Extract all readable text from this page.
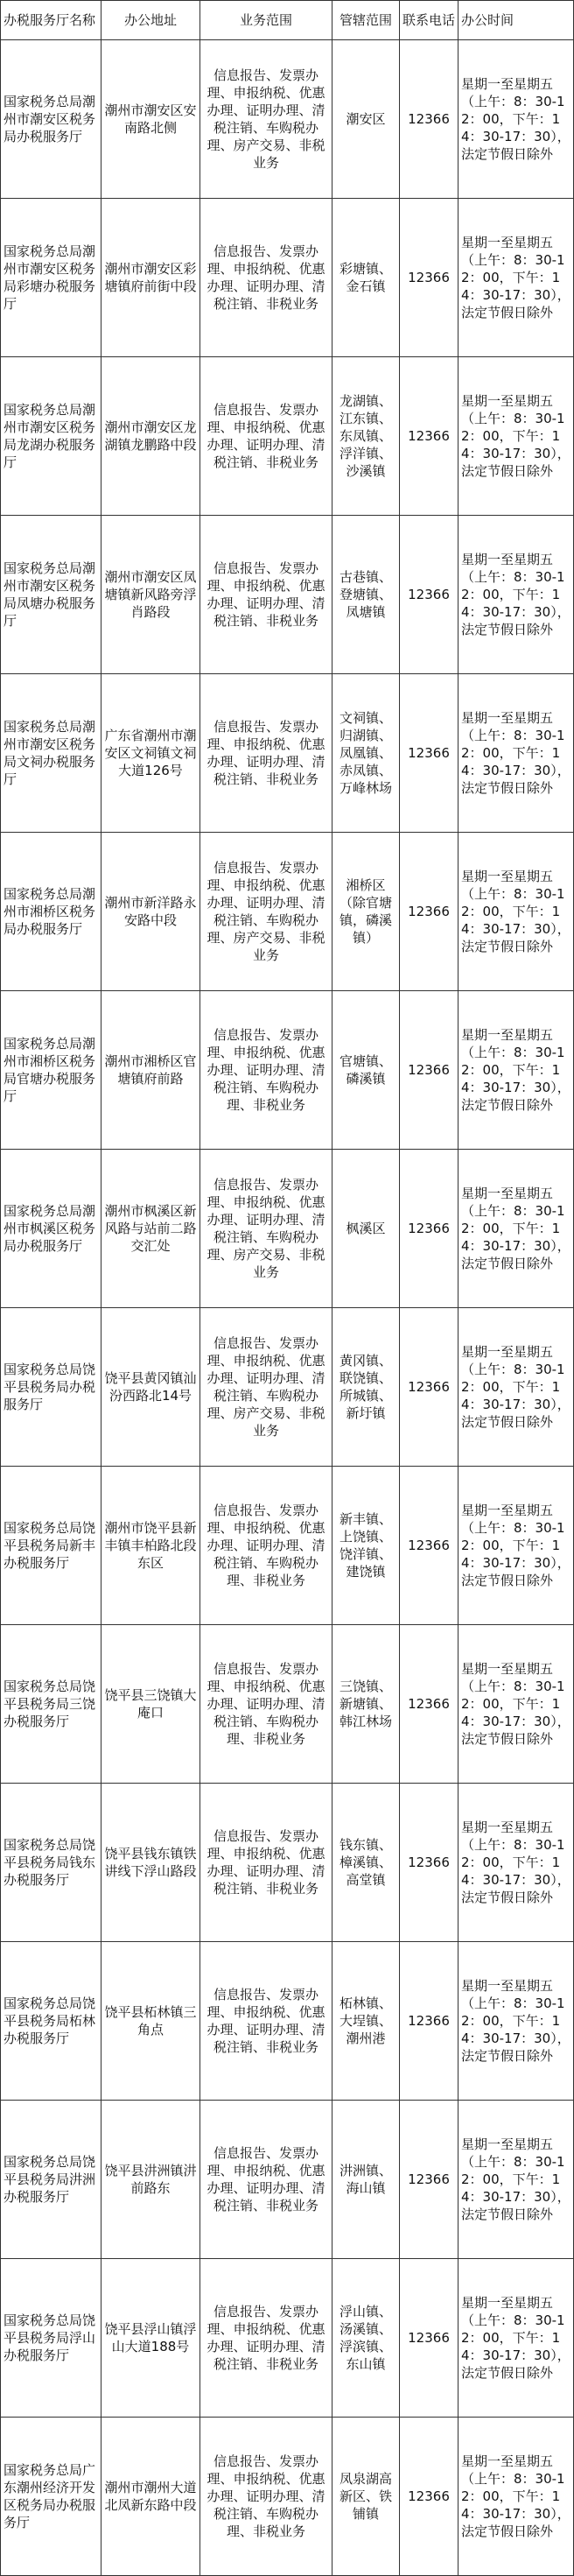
办税服务厅名称	办公地址	业务范围	管辖范围	联系电话	办公时间
国家税务总局潮州市潮安区税务局办税服务厅	潮州市潮安区安南路北侧	信息报告、发票办理、申报纳税、优惠办理、证明办理、清税注销、车购税办理、房产交易、非税业务	潮安区	12366	星期一至星期五（上午：8：30-12：00，下午：14：30-17：30），法定节假日除外
国家税务总局潮州市潮安区税务局彩塘办税服务厅	潮州市潮安区彩塘镇府前街中段	信息报告、发票办理、申报纳税、优惠办理、证明办理、清税注销、非税业务	彩塘镇、金石镇	12366	星期一至星期五（上午：8：30-12：00，下午：14：30-17：30），法定节假日除外
国家税务总局潮州市潮安区税务局龙湖办税服务厅	潮州市潮安区龙湖镇龙鹏路中段	信息报告、发票办理、申报纳税、优惠办理、证明办理、清税注销、非税业务	龙湖镇、江东镇、东凤镇、浮洋镇、沙溪镇	12366	星期一至星期五（上午：8：30-12：00，下午：14：30-17：30），法定节假日除外
国家税务总局潮州市潮安区税务局凤塘办税服务厅	潮州市潮安区凤塘镇新风路旁浮肖路段	信息报告、发票办理、申报纳税、优惠办理、证明办理、清税注销、非税业务	古巷镇、登塘镇、凤塘镇	12366	星期一至星期五（上午：8：30-12：00，下午：14：30-17：30），法定节假日除外
国家税务总局潮州市潮安区税务局文祠办税服务厅	广东省潮州市潮安区文祠镇文祠大道126号	信息报告、发票办理、申报纳税、优惠办理、证明办理、清税注销、非税业务	文祠镇、归湖镇、凤凰镇、赤凤镇、万峰林场	12366	星期一至星期五（上午：8：30-12：00，下午：14：30-17：30），法定节假日除外
国家税务总局潮州市湘桥区税务局办税服务厅	潮州市新洋路永安路中段	信息报告、发票办理、申报纳税、优惠办理、证明办理、清税注销、车购税办理、房产交易、非税业务	湘桥区（除官塘镇，磷溪镇）	12366	星期一至星期五（上午：8：30-12：00，下午：14：30-17：30），法定节假日除外
国家税务总局潮州市湘桥区税务局官塘办税服务厅	潮州市湘桥区官塘镇府前路	信息报告、发票办理、申报纳税、优惠办理、证明办理、清税注销、车购税办理、非税业务	官塘镇、磷溪镇	12366	星期一至星期五（上午：8：30-12：00，下午：14：30-17：30），法定节假日除外
国家税务总局潮州市枫溪区税务局办税服务厅	潮州市枫溪区新风路与站前二路交汇处	信息报告、发票办理、申报纳税、优惠办理、证明办理、清税注销、车购税办理、房产交易、非税业务	枫溪区	12366	星期一至星期五（上午：8：30-12：00，下午：14：30-17：30），法定节假日除外
国家税务总局饶平县税务局办税服务厅	饶平县黄冈镇汕汾西路北14号	信息报告、发票办理、申报纳税、优惠办理、证明办理、清税注销、车购税办理、房产交易、非税业务	黄冈镇、联饶镇、所城镇、新圩镇	12366	星期一至星期五（上午：8：30-12：00，下午：14：30-17：30），法定节假日除外
国家税务总局饶平县税务局新丰办税服务厅	潮州市饶平县新丰镇丰柏路北段东区	信息报告、发票办理、申报纳税、优惠办理、证明办理、清税注销、车购税办理、非税业务	新丰镇、上饶镇、饶洋镇、建饶镇	12366	星期一至星期五（上午：8：30-12：00，下午：14：30-17：30），法定节假日除外
国家税务总局饶平县税务局三饶办税服务厅	饶平县三饶镇大庵口	信息报告、发票办理、申报纳税、优惠办理、证明办理、清税注销、车购税办理、非税业务	三饶镇、新塘镇、韩江林场	12366	星期一至星期五（上午：8：30-12：00，下午：14：30-17：30），法定节假日除外
国家税务总局饶平县税务局钱东办税服务厅	饶平县钱东镇铁讲线下浮山路段	信息报告、发票办理、申报纳税、优惠办理、证明办理、清税注销、非税业务	钱东镇、樟溪镇、高堂镇	12366	星期一至星期五（上午：8：30-12：00，下午：14：30-17：30），法定节假日除外
国家税务总局饶平县税务局柘林办税服务厅	饶平县柘林镇三角点	信息报告、发票办理、申报纳税、优惠办理、证明办理、清税注销、非税业务	柘林镇、大埕镇、潮州港	12366	星期一至星期五（上午：8：30-12：00，下午：14：30-17：30），法定节假日除外
国家税务总局饶平县税务局汫洲办税服务厅	饶平县汫洲镇汫前路东	信息报告、发票办理、申报纳税、优惠办理、证明办理、清税注销、非税业务	汫洲镇、海山镇	12366	星期一至星期五（上午：8：30-12：00，下午：14：30-17：30），法定节假日除外
国家税务总局饶平县税务局浮山办税服务厅	饶平县浮山镇浮山大道188号	信息报告、发票办理、申报纳税、优惠办理、证明办理、清税注销、非税业务	浮山镇、汤溪镇、浮滨镇、东山镇	12366	星期一至星期五（上午：8：30-12：00，下午：14：30-17：30），法定节假日除外
国家税务总局广东潮州经济开发区税务局办税服务厅	潮州市潮州大道北凤新东路中段	信息报告、发票办理、申报纳税、优惠办理、证明办理、清税注销、车购税办理、非税业务	凤泉湖高新区、铁铺镇	12366	星期一至星期五（上午：8：30-12：00，下午：14：30-17：30），法定节假日除外
